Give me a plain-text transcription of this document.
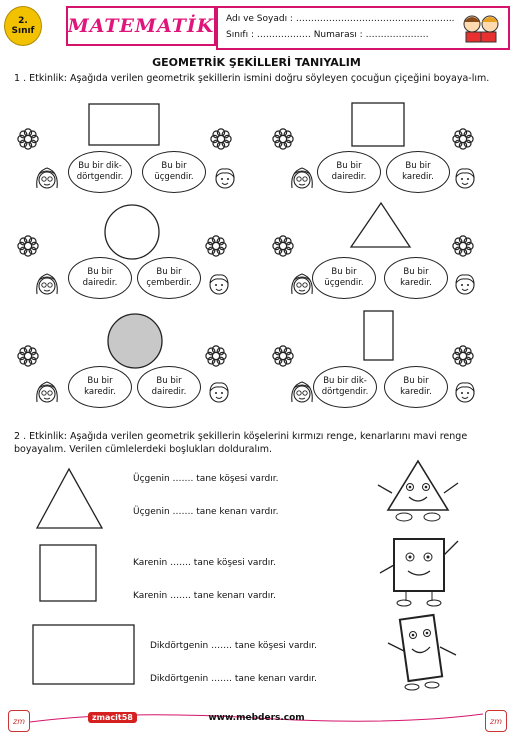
2.
Sınıf MATEMATİK Adı ve Soyadı : ……………………………………………..
Sınıfı : ……………… Numarası : …………………
GEOMETRİK ŞEKİLLERİ TANIYALIM
1 . Etkinlik: Aşağıda verilen geometrik şekillerin ismini doğru söyleyen çocuğun çiçeğini boyaya-lım.
Bu bir dik-dörtgendir.
Bu bir üçgendir.
Bu bir dairedir.
Bu bir karedir.
Bu bir dairedir.
Bu bir çemberdir.
Bu bir üçgendir.
Bu bir karedir.
Bu bir karedir.
Bu bir dairedir.
Bu bir dik-dörtgendir.
Bu bir karedir.
2 . Etkinlik: Aşağıda verilen geometrik şekillerin köşelerini kırmızı renge, kenarlarını mavi renge boyayalım. Verilen cümlelerdeki boşlukları dolduralım.
Üçgenin ……. tane köşesi vardır.
Üçgenin ……. tane kenarı vardır.
Karenin ……. tane köşesi vardır.
Karenin ……. tane kenarı vardır.
Dikdörtgenin ……. tane köşesi vardır.
Dikdörtgenin ……. tane kenarı vardır.
zm	zmacit58	www.mebders.com	zm
